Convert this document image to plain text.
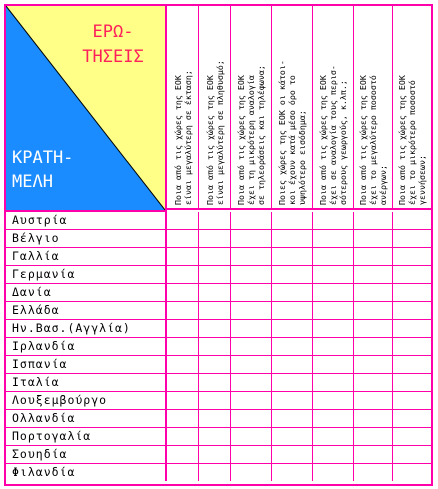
ΕΡΩ-
ΤΗΣΕΙΣ
ΚΡΑΤΗ-
ΜΕΛΗ
Ποια από τις χώρες της ΕΟΚ
είναι μεγαλύτερη σε έκταση;
Ποια από τις χώρες της ΕΟΚ
είναι μεγαλύτερη σε πληθυσμό;
Ποια από τις χώρες της ΕΟΚ
έχει τη μικρότερη αναλογία
σε τηλεοράσεις και τηλέφωνα;
Ποιες χώρες της ΕΟΚ οι κάτοι-
κοι έχουν κατά μέσο όρο το
υψηλότερο εισόδημα;
Ποια από τις χώρες της ΕΟΚ
έχει σε αναλογία τους περισ-
σότερους γεωργούς, κ.λπ.;
Ποια από τις χώρες της ΕΟΚ
έχει το μεγαλύτερο ποσοστό
ανέργων; Ποια από τις χώρες της ΕΟΚ
έχει το μικρότερο ποσοστό
γεννήσεων;
Αυστρία
Βέλγιο
Γαλλία
Γερμανία
Δανία
Ελλάδα
Ην.Βασ.(Αγγλία)
Ιρλανδία
Ισπανία
Ιταλία
Λουξεμβούργο
Ολλανδία
Πορτογαλία
Σουηδία
Φιλανδία
